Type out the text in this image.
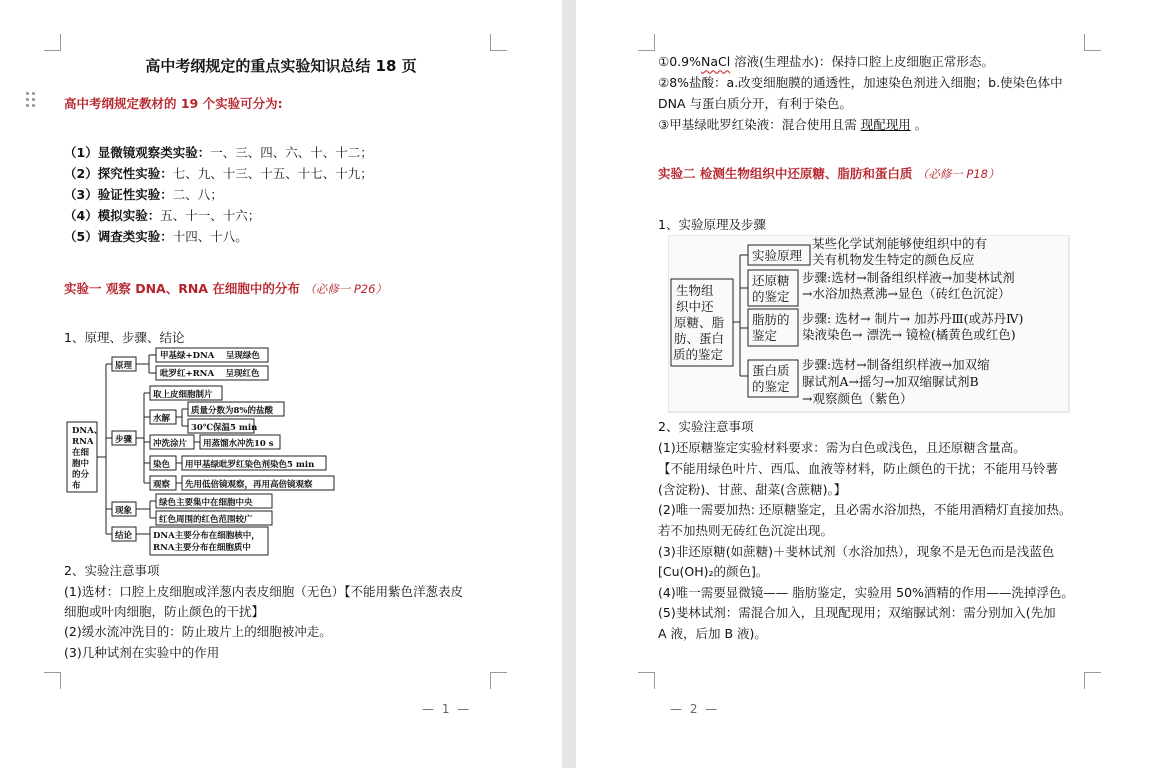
高中考纲规定的重点实验知识总结 18 页
高中考纲规定教材的 19 个实验可分为:
（1）显微镜观察类实验：一、三、四、六、十、十二；
（2）探究性实验：七、九、十三、十五、十七、十九；
（3）验证性实验：二、八；
（4）模拟实验：五、十一、十六；
（5）调查类实验：十四、十八。
实验一 观察 DNA、RNA 在细胞中的分布 （必修一 P26）
1、原理、步骤、结论
DNA、
RNA
在细
胞中
的分
布
原理
甲基绿+DNA　 呈现绿色
吡罗红+RNA　 呈现红色
步骤
取上皮细胞制片
水解
质量分数为8%的盐酸
30℃保温5 min
冲洗涂片 用蒸馏水冲洗10 s
染色 用甲基绿吡罗红染色剂染色5 min
观察 先用低倍镜观察，再用高倍镜观察
现象
绿色主要集中在细胞中央
红色周围的红色范围较广
结论 DNA主要分布在细胞核中，
RNA主要分布在细胞质中
2、实验注意事项
(1)选材：口腔上皮细胞或洋葱内表皮细胞（无色）【不能用紫色洋葱表皮
细胞或叶肉细胞，防止颜色的干扰】
(2)缓水流冲洗目的：防止玻片上的细胞被冲走。
(3)几种试剂在实验中的作用
— 1 —
①0.9%NaCl 溶液(生理盐水)：保持口腔上皮细胞正常形态。
②8%盐酸：a.改变细胞膜的通透性，加速染色剂进入细胞；b.使染色体中
DNA 与蛋白质分开，有利于染色。
③甲基绿吡罗红染液：混合使用且需 现配现用 。
实验二 检测生物组织中还原糖、脂肪和蛋白质 （必修一 P18）
1、实验原理及步骤
生物组
织中还
原糖、脂
肪、蛋白
质的鉴定
实验原理
某些化学试剂能够使组织中的有
关有机物发生特定的颜色反应
还原糖
的鉴定
步骤:选材→制备组织样液→加斐林试剂
→水浴加热煮沸→显色（砖红色沉淀）
脂肪的
鉴定
步骤: 选材→ 制片→ 加苏丹Ⅲ(或苏丹Ⅳ)
染液染色→ 漂洗→ 镜检(橘黄色或红色)
蛋白质
的鉴定
步骤:选材→制备组织样液→加双缩
脲试剂A→摇匀→加双缩脲试剂B
→观察颜色（紫色）
2、实验注意事项
(1)还原糖鉴定实验材料要求：需为白色或浅色，且还原糖含量高。
【不能用绿色叶片、西瓜、血液等材料，防止颜色的干扰；不能用马铃薯
(含淀粉)、甘蔗、甜菜(含蔗糖)。】
(2)唯一需要加热: 还原糖鉴定，且必需水浴加热，不能用酒精灯直接加热。
若不加热则无砖红色沉淀出现。
(3)非还原糖(如蔗糖)＋斐林试剂（水浴加热），现象不是无色而是浅蓝色
[Cu(OH)₂的颜色]。
(4)唯一需要显微镜—— 脂肪鉴定，实验用 50%酒精的作用——洗掉浮色。
(5)斐林试剂：需混合加入，且现配现用；双缩脲试剂：需分别加入(先加
A 液，后加 B 液)。
— 2 —
